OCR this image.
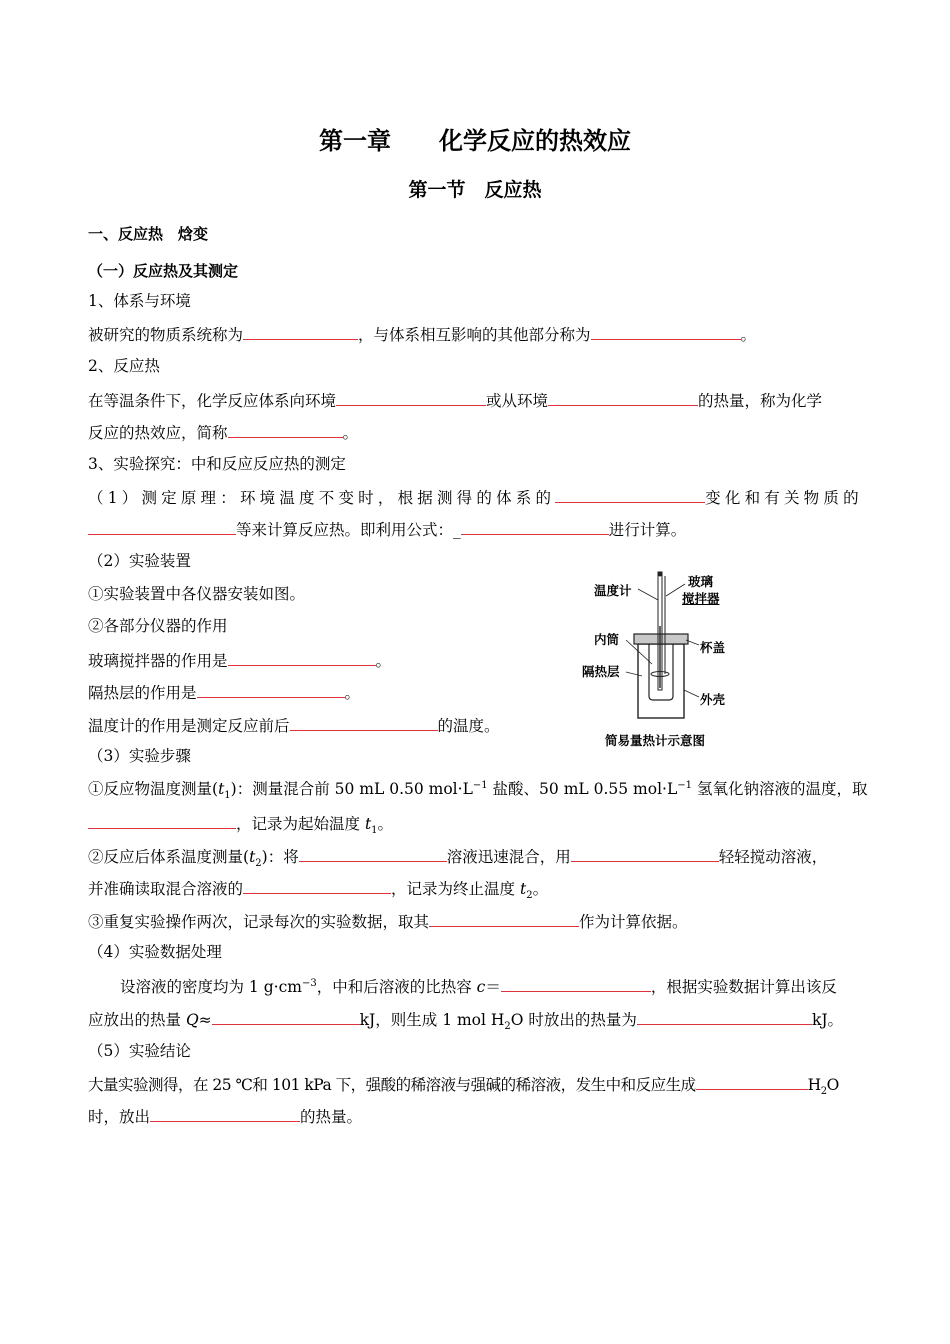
第一章　　化学反应的热效应
第一节　反应热
一、反应热　焓变
（一）反应热及其测定
1、体系与环境
被研究的物质系统称为	，与体系相互影响的其他部分称为	。
2、反应热
在等温条件下，化学反应体系向环境	或从环境	的热量，称为化学
反应的热效应，简称	。
3、实验探究：中和反应反应热的测定
（1）测定原理：环境温度不变时，根据测得的体系的	变化和有关物质的
等来计算反应热。即利用公式：_	进行计算。
（2）实验装置
①实验装置中各仪器安装如图。
②各部分仪器的作用
玻璃搅拌器的作用是	。
隔热层的作用是	。
温度计的作用是测定反应前后	的温度。
温度计
玻璃
搅拌器
内筒
杯盖
隔热层
外壳
简易量热计示意图
（3）实验步骤
①反应物温度测量$(t_1)$：测量混合前 50 mL 0.50 $mol\cdot L^{-1}$ 盐酸、50 mL 0.55 $mol\cdot L^{-1}$ 氢氧化钠溶液的温度，取
，记录为起始温度 $t_1$。
②反应后体系温度测量$(t_2)$：将	溶液迅速混合，用	轻轻搅动溶液，
并准确读取混合溶液的	，记录为终止温度 $t_2$。
③重复实验操作两次，记录每次的实验数据，取其	作为计算依据。
（4）实验数据处理
设溶液的密度均为 1 $g\cdot cm^{-3}$，中和后溶液的比热容 c＝	，根据实验数据计算出该反
应放出的热量 Q≈	kJ，则生成 1 mol $H_2O$ 时放出的热量为	kJ。
（5）实验结论
大量实验测得，在 25 ℃和 101 kPa 下，强酸的稀溶液与强碱的稀溶液，发生中和反应生成	$H_2O$
时，放出	的热量。
